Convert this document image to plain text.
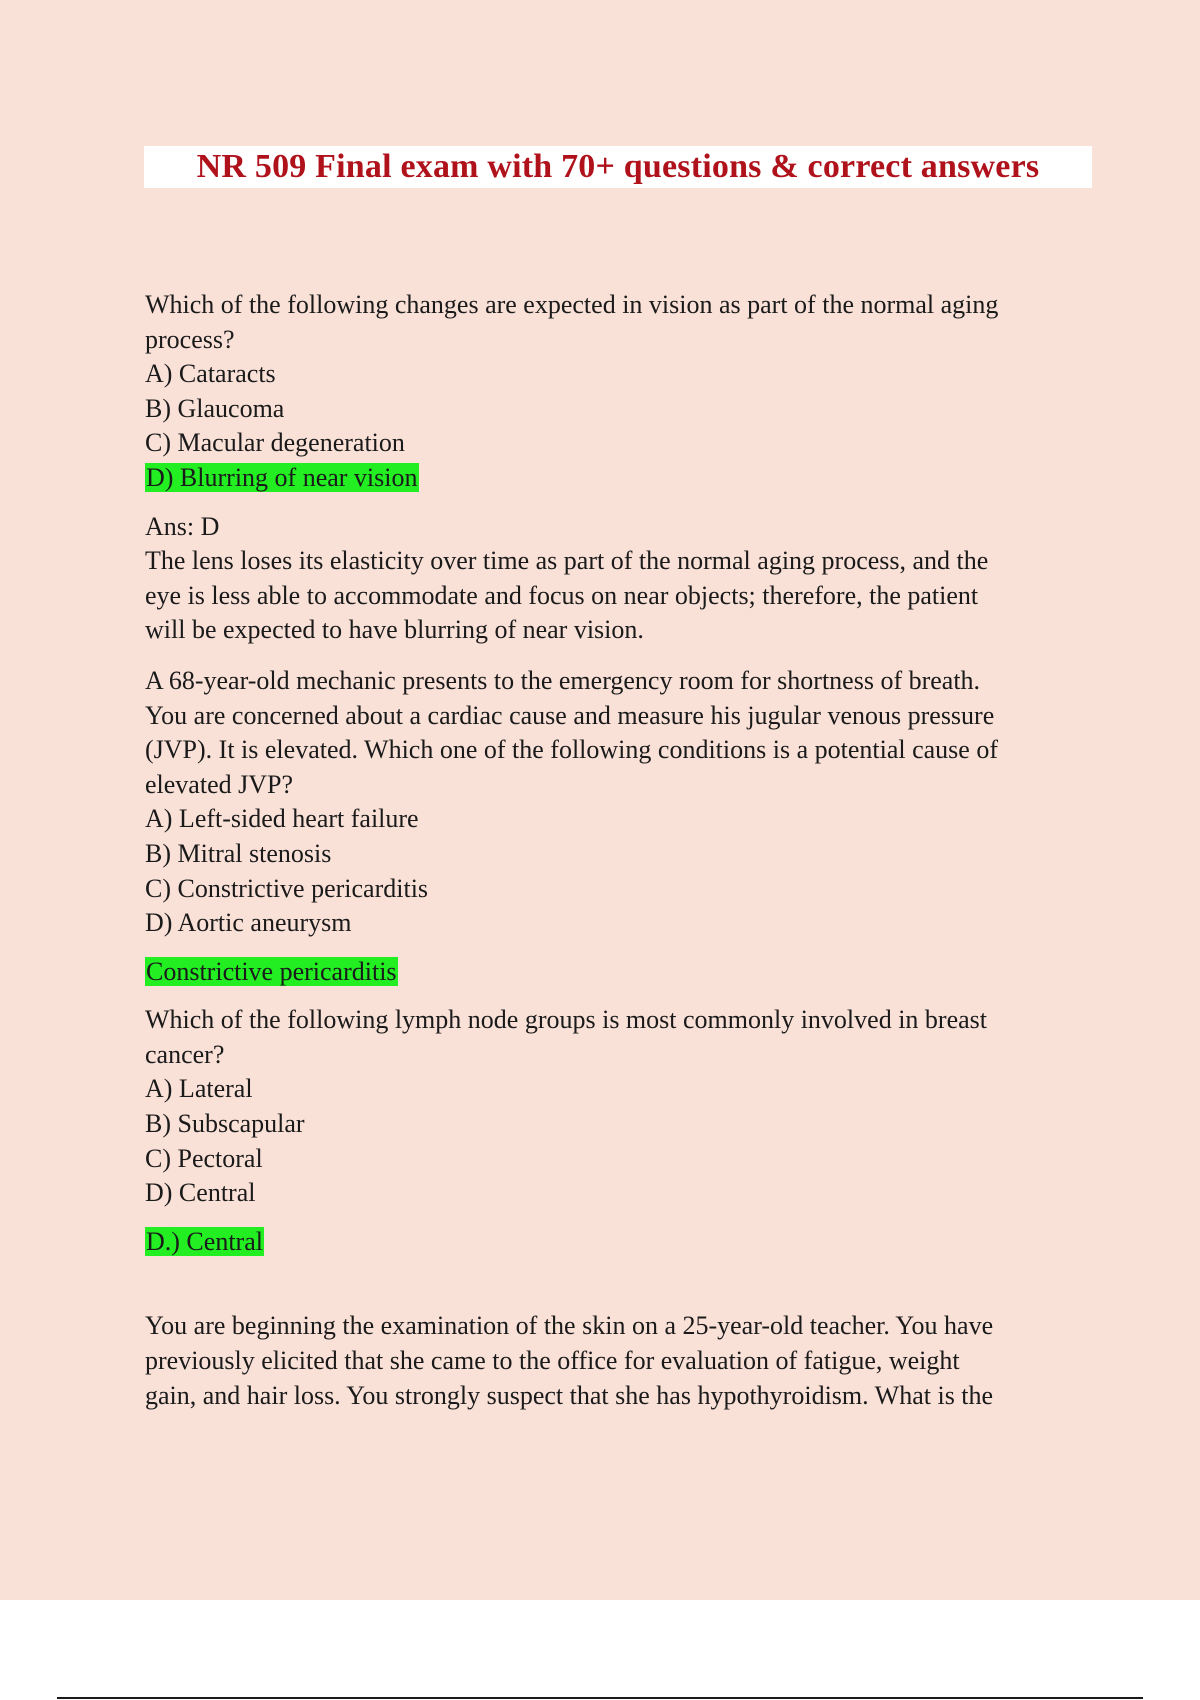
NR 509 Final exam with 70+ questions & correct answers
Which of the following changes are expected in vision as part of the normal aging
process?
A) Cataracts
B) Glaucoma
C) Macular degeneration
D) Blurring of near vision
Ans: D
The lens loses its elasticity over time as part of the normal aging process, and the
eye is less able to accommodate and focus on near objects; therefore, the patient
will be expected to have blurring of near vision.
A 68-year-old mechanic presents to the emergency room for shortness of breath.
You are concerned about a cardiac cause and measure his jugular venous pressure
(JVP). It is elevated. Which one of the following conditions is a potential cause of
elevated JVP?
A) Left-sided heart failure
B) Mitral stenosis
C) Constrictive pericarditis
D) Aortic aneurysm
Constrictive pericarditis
Which of the following lymph node groups is most commonly involved in breast
cancer?
A) Lateral
B) Subscapular
C) Pectoral
D) Central
D.) Central
You are beginning the examination of the skin on a 25-year-old teacher. You have
previously elicited that she came to the office for evaluation of fatigue, weight
gain, and hair loss. You strongly suspect that she has hypothyroidism. What is the
